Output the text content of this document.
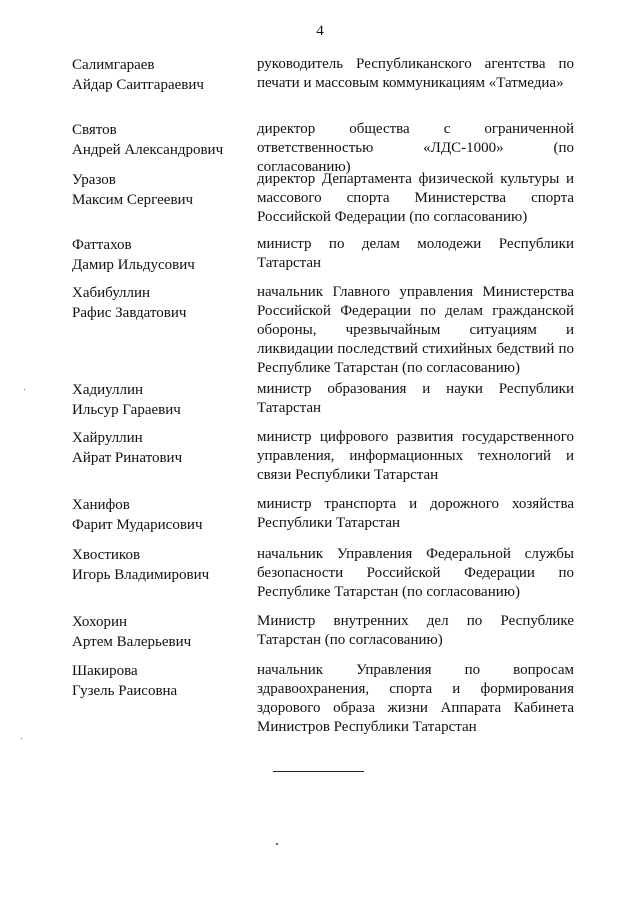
4
Салимгараев
Айдар Саитгараевич
руководитель Республиканского агентства по печати и массовым коммуникациям «Татмедиа»
Святов
Андрей Александрович
директор общества с ограниченной ответственностью «ЛДС-1000» (по согласованию)
Уразов
Максим Сергеевич
директор Департамента физической культуры и массового спорта Министерства спорта Российской Федерации (по согласованию)
Фаттахов
Дамир Ильдусович
министр по делам молодежи Республики Татарстан
Хабибуллин
Рафис Завдатович
начальник Главного управления Министерства Российской Федерации по делам гражданской обороны, чрезвычайным ситуациям и ликвидации последствий стихийных бедствий по Республике Татарстан (по согласованию)
Хадиуллин
Ильсур Гараевич
министр образования и науки Республики Татарстан
Хайруллин
Айрат Ринатович
министр цифрового развития государственного управления, информационных технологий и связи Республики Татарстан
Ханифов
Фарит Мударисович
министр транспорта и дорожного хозяйства Республики Татарстан
Хвостиков
Игорь Владимирович
начальник Управления Федеральной службы безопасности Российской Федерации по Республике Татарстан (по согласованию)
Хохорин
Артем Валерьевич
Министр внутренних дел по Республике Татарстан (по согласованию)
Шакирова
Гузель Раисовна
начальник Управления по вопросам здравоохранения, спорта и формирования здорового образа жизни Аппарата Кабинета Министров Республики Татарстан
